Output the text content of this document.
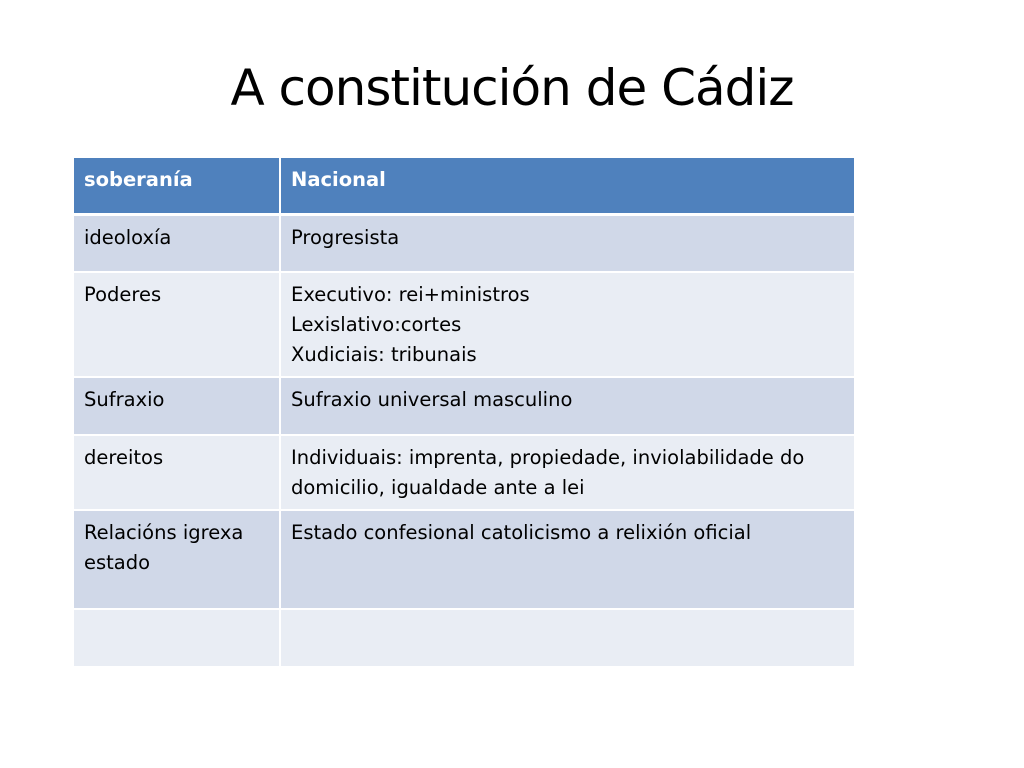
A constitución de Cádiz
soberanía	Nacional
ideoloxía	Progresista

Poderes	Executivo: rei+ministros
Lexislativo:cortes
Xudiciais: tribunais

Sufraxio	Sufraxio universal masculino

dereitos	Individuais: imprenta, propiedade, inviolabilidade do domicilio, igualdade ante a lei

Relacións igrexa estado	Estado confesional catolicismo a relixión oficial
